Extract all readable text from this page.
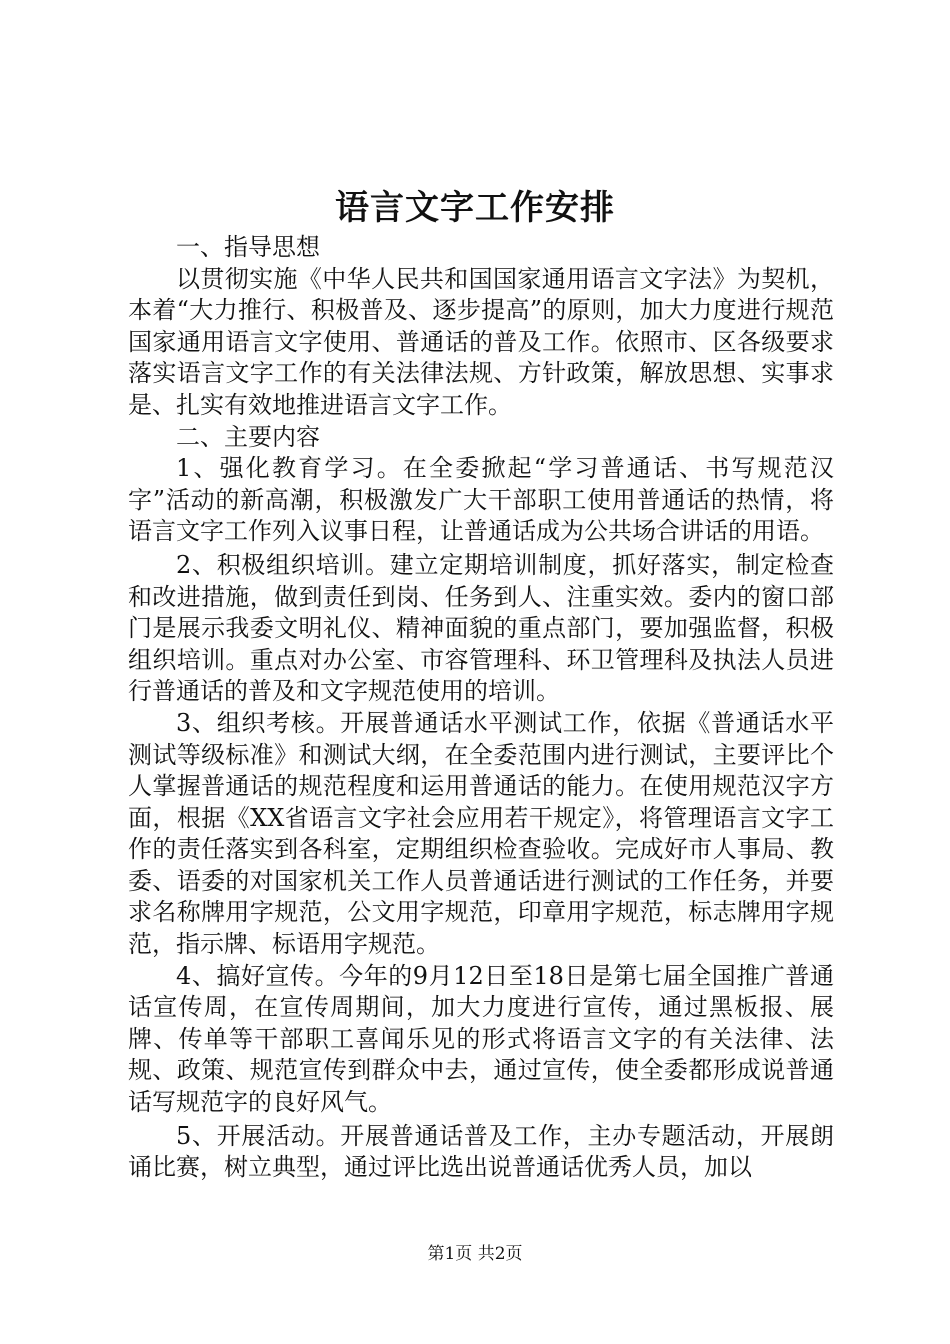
语言文字工作安排

一、指导思想

以贯彻实施《中华人民共和国国家通用语言文字法》为契机，本着“大力推行、积极普及、逐步提高”的原则，加大力度进行规范国家通用语言文字使用、普通话的普及工作。依照市、区各级要求落实语言文字工作的有关法律法规、方针政策，解放思想、实事求是、扎实有效地推进语言文字工作。

二、主要内容

1、强化教育学习。在全委掀起“学习普通话、书写规范汉字”活动的新高潮，积极激发广大干部职工使用普通话的热情，将语言文字工作列入议事日程，让普通话成为公共场合讲话的用语。

2、积极组织培训。建立定期培训制度，抓好落实，制定检查和改进措施，做到责任到岗、任务到人、注重实效。委内的窗口部门是展示我委文明礼仪、精神面貌的重点部门，要加强监督，积极组织培训。重点对办公室、市容管理科、环卫管理科及执法人员进行普通话的普及和文字规范使用的培训。

3、组织考核。开展普通话水平测试工作，依据《普通话水平测试等级标准》和测试大纲，在全委范围内进行测试，主要评比个人掌握普通话的规范程度和运用普通话的能力。在使用规范汉字方面，根据《XX省语言文字社会应用若干规定》，将管理语言文字工作的责任落实到各科室，定期组织检查验收。完成好市人事局、教委、语委的对国家机关工作人员普通话进行测试的工作任务，并要求名称牌用字规范，公文用字规范，印章用字规范，标志牌用字规范，指示牌、标语用字规范。

4、搞好宣传。今年的9月12日至18日是第七届全国推广普通话宣传周，在宣传周期间，加大力度进行宣传，通过黑板报、展牌、传单等干部职工喜闻乐见的形式将语言文字的有关法律、法规、政策、规范宣传到群众中去，通过宣传，使全委都形成说普通话写规范字的良好风气。

5、开展活动。开展普通话普及工作，主办专题活动，开展朗诵比赛，树立典型，通过评比选出说普通话优秀人员，加以

第1页 共2页
